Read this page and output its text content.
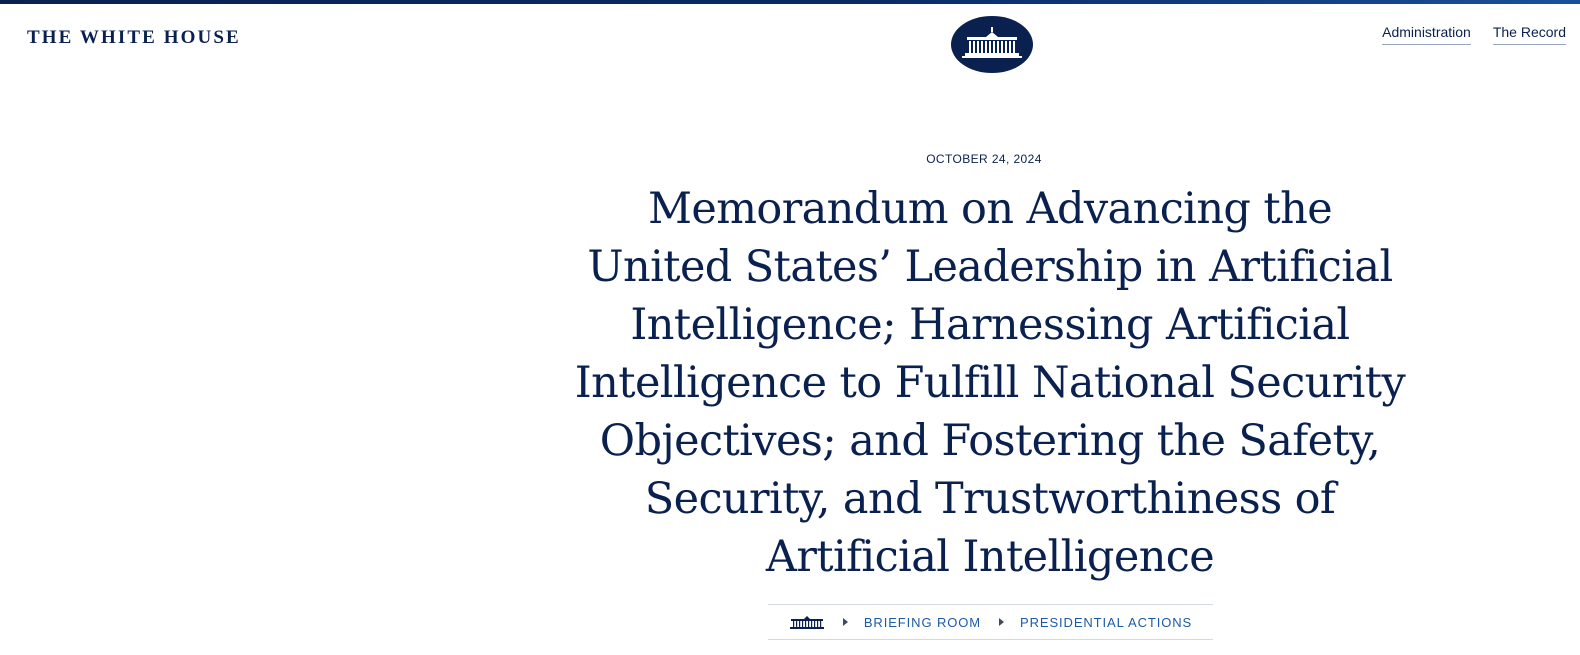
THE WHITE HOUSE	Administration The Record
OCTOBER 24, 2024
Memorandum on Advancing the
United States’ Leadership in Artificial
Intelligence; Harnessing Artificial
Intelligence to Fulfill National Security
Objectives; and Fostering the Safety,
Security, and Trustworthiness of
Artificial Intelligence
BRIEFING ROOM	PRESIDENTIAL ACTIONS
